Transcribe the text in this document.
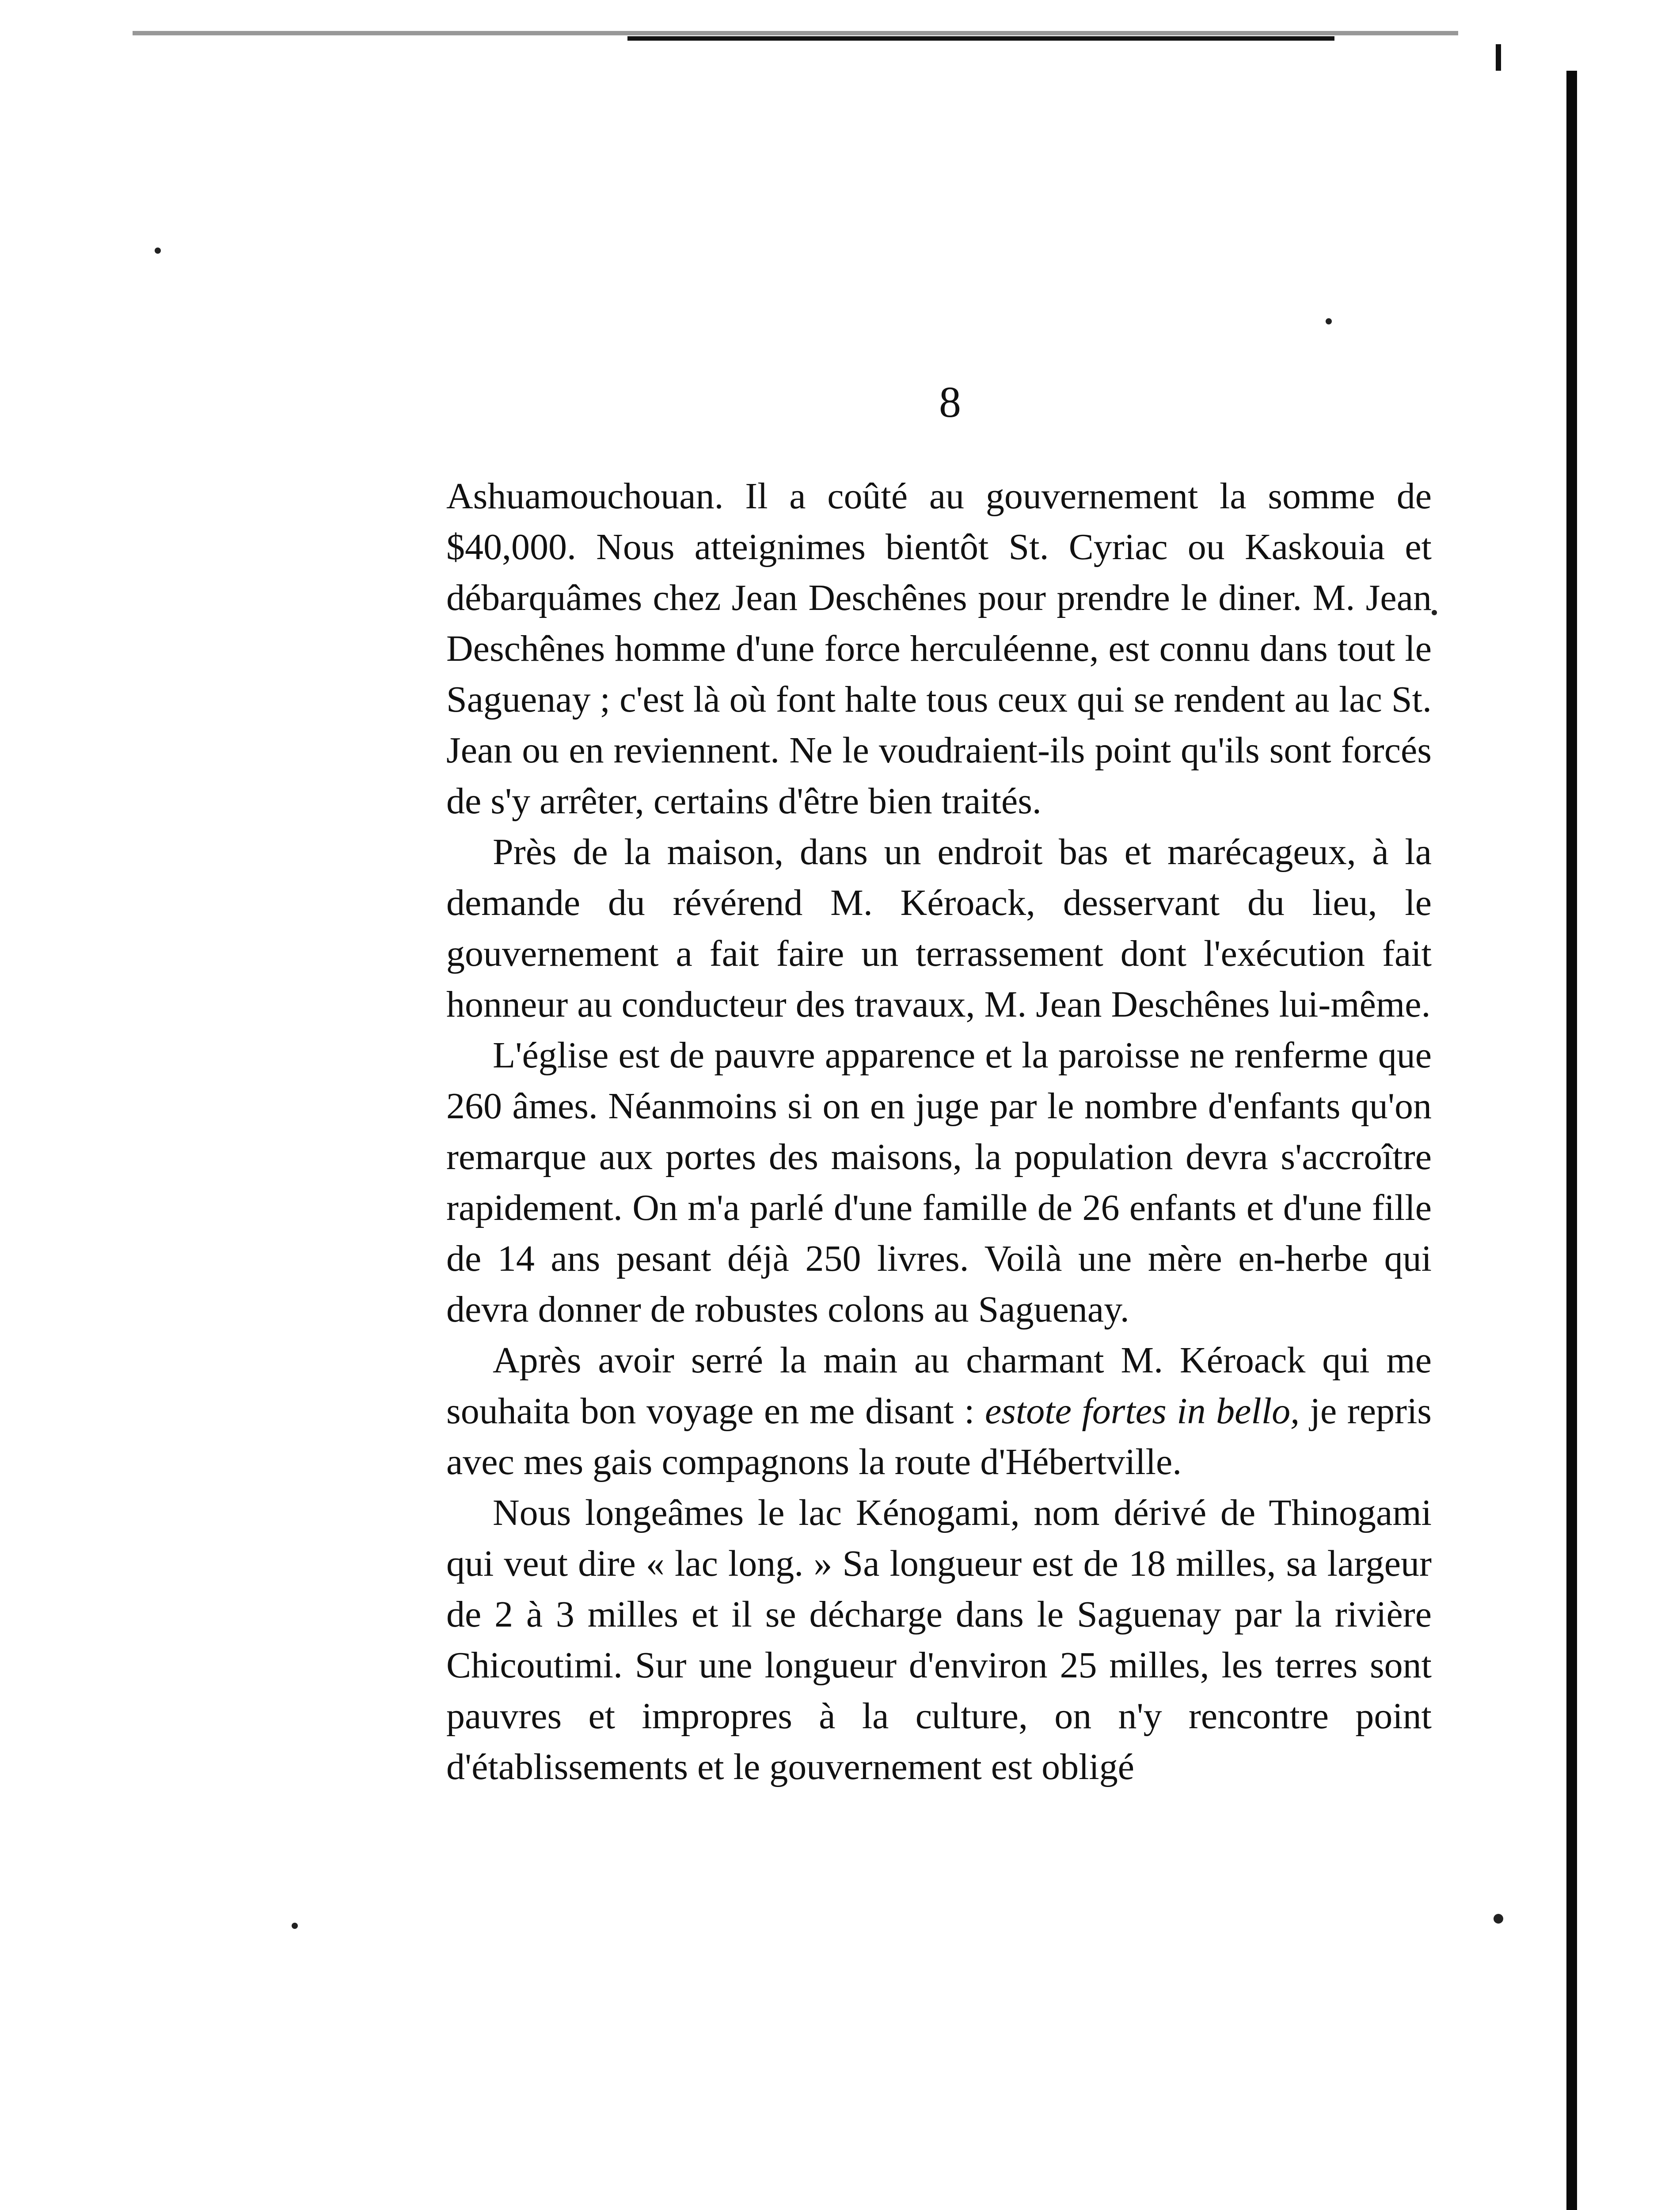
8

Ashuamouchouan. Il a coûté au gouvernement la somme de $40,000. Nous atteignimes bientôt St. Cyriac ou Kaskouia et débarquâmes chez Jean Deschênes pour prendre le diner. M. Jean Deschênes homme d'une force herculéenne, est connu dans tout le Saguenay ; c'est là où font halte tous ceux qui se rendent au lac St. Jean ou en reviennent. Ne le voudraient-ils point qu'ils sont forcés de s'y arrêter, certains d'être bien traités.

Près de la maison, dans un endroit bas et marécageux, à la demande du révérend M. Kéroack, desservant du lieu, le gouvernement a fait faire un terrassement dont l'exécution fait honneur au conducteur des travaux, M. Jean Deschênes lui-même.

L'église est de pauvre apparence et la paroisse ne renferme que 260 âmes. Néanmoins si on en juge par le nombre d'enfants qu'on remarque aux portes des maisons, la population devra s'accroître rapidement. On m'a parlé d'une famille de 26 enfants et d'une fille de 14 ans pesant déjà 250 livres. Voilà une mère en-herbe qui devra donner de robustes colons au Saguenay.

Après avoir serré la main au charmant M. Kéroack qui me souhaita bon voyage en me disant : estote fortes in bello, je repris avec mes gais compagnons la route d'Hébertville.

Nous longeâmes le lac Kénogami, nom dérivé de Thinogami qui veut dire « lac long. » Sa longueur est de 18 milles, sa largeur de 2 à 3 milles et il se décharge dans le Saguenay par la rivière Chicoutimi. Sur une longueur d'environ 25 milles, les terres sont pauvres et impropres à la culture, on n'y rencontre point d'établissements et le gouvernement est obligé
